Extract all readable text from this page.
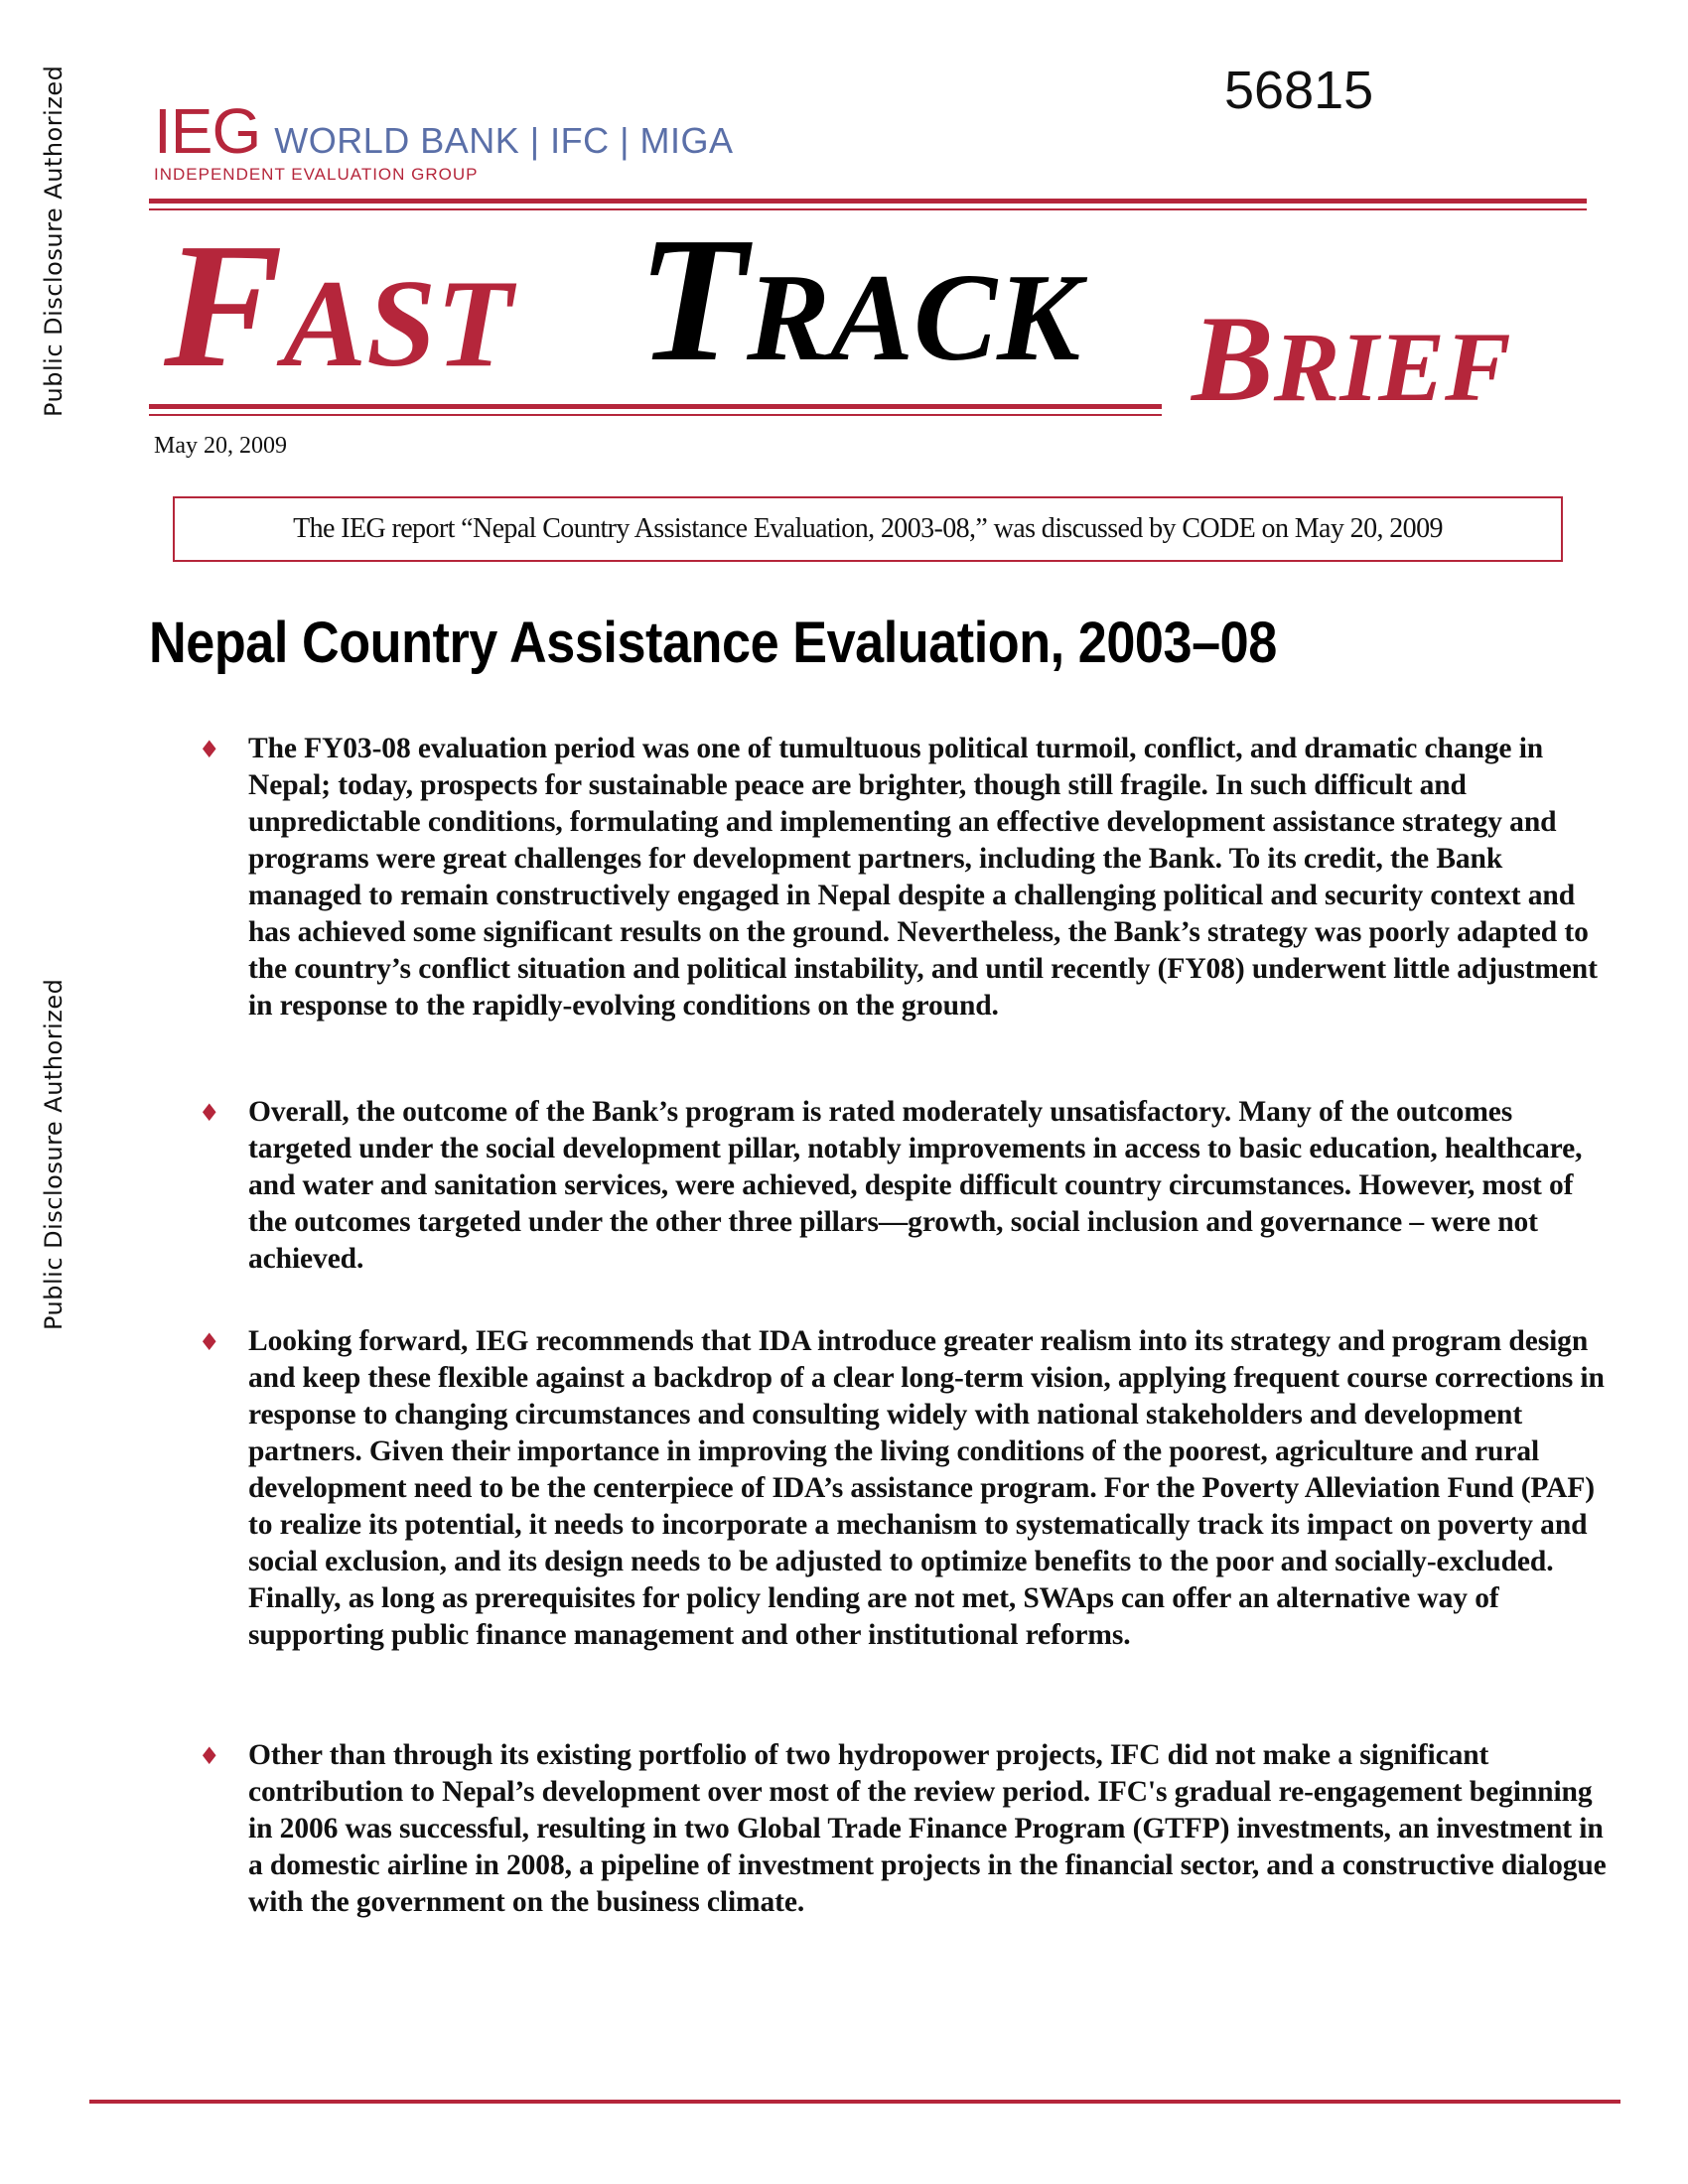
Public Disclosure Authorized
Public Disclosure Authorized
56815
IEG WORLD BANK | IFC | MIGA
INDEPENDENT EVALUATION GROUP
FAST TRACK BRIEF
May 20, 2009
The IEG report “Nepal Country Assistance Evaluation, 2003-08,” was discussed by CODE on May 20, 2009
Nepal Country Assistance Evaluation, 2003–08
♦ The FY03-08 evaluation period was one of tumultuous political turmoil, conflict, and dramatic change in Nepal; today, prospects for sustainable peace are brighter, though still fragile. In such difficult and unpredictable conditions, formulating and implementing an effective development assistance strategy and programs were great challenges for development partners, including the Bank. To its credit, the Bank managed to remain constructively engaged in Nepal despite a challenging political and security context and has achieved some significant results on the ground. Nevertheless, the Bank’s strategy was poorly adapted to the country’s conflict situation and political instability, and until recently (FY08) underwent little adjustment in response to the rapidly-evolving conditions on the ground.
♦ Overall, the outcome of the Bank’s program is rated moderately unsatisfactory. Many of the outcomes targeted under the social development pillar, notably improvements in access to basic education, healthcare, and water and sanitation services, were achieved, despite difficult country circumstances. However, most of the outcomes targeted under the other three pillars—growth, social inclusion and governance – were not achieved.
♦ Looking forward, IEG recommends that IDA introduce greater realism into its strategy and program design and keep these flexible against a backdrop of a clear long-term vision, applying frequent course corrections in response to changing circumstances and consulting widely with national stakeholders and development partners. Given their importance in improving the living conditions of the poorest, agriculture and rural development need to be the centerpiece of IDA’s assistance program. For the Poverty Alleviation Fund (PAF) to realize its potential, it needs to incorporate a mechanism to systematically track its impact on poverty and social exclusion, and its design needs to be adjusted to optimize benefits to the poor and socially-excluded. Finally, as long as prerequisites for policy lending are not met, SWAps can offer an alternative way of supporting public finance management and other institutional reforms.
♦ Other than through its existing portfolio of two hydropower projects, IFC did not make a significant contribution to Nepal’s development over most of the review period. IFC's gradual re-engagement beginning in 2006 was successful, resulting in two Global Trade Finance Program (GTFP) investments, an investment in a domestic airline in 2008, a pipeline of investment projects in the financial sector, and a constructive dialogue with the government on the business climate.
